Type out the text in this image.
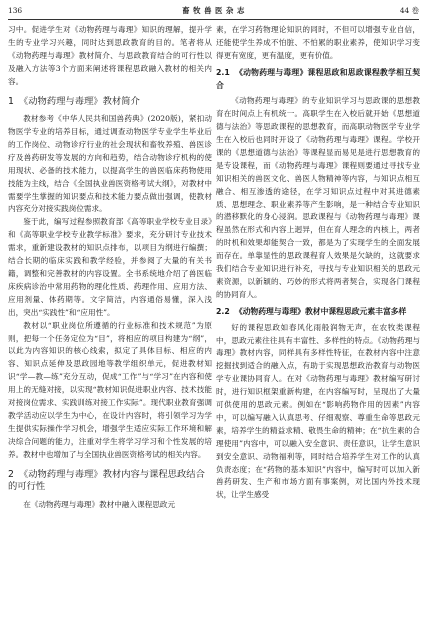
136	畜 牧 兽 医 杂 志	44 卷

习中。促进学生对《动物药理与毒理》知识的理解，提升学生的专业学习兴趣，同时达到思政教育的目的。笔者将从《动物药理与毒理》教材简介、与思政教育结合的可行性以及融入方法等3个方面来阐述将课程思政融入教材的相关内容。

1 《动物药理与毒理》教材简介

教材参考《中华人民共和国兽药典》(2020版)，紧扣动物医学专业的培养目标，通过调查动物医学专业学生毕业后的工作岗位、动物诊疗行业的社会现状和畜牧养殖、兽医诊疗及兽药研发等发展的方向和趋势，结合动物诊疗机构的使用现状、必备的技术能力，以提高学生的兽医临床药物使用技能为主线，结合《全国执业兽医资格考试大纲》，对教材中需要学生掌握的知识要点和技术能力要点做出强调，使教材内容充分对接实践岗位需求。

鉴于此，编写过程参照教育部《高等职业学校专业目录》和《高等职业学校专业教学标准》要求，充分研讨专业技术需求，重新建设教材的知识点排布，以项目为纲进行编撰；结合长期的临床实践和教学经验，并参阅了大量的有关书籍，调整和完善教材的内容设置。全书系统地介绍了兽医临床疾病诊治中常用药物的理化性质、药理作用、应用方法、应用剂量、体药期等。文字简洁，内容通俗易懂，深入浅出，突出“实践性”和“应用性”。

教材以“职业岗位所遵循的行业标准和技术规范”为原则，把每一个任务定位为“目”，将相应的项目构建为“纲”，以此为内容知识的核心线索，拟定了具体目标、相应的内容、知识点延伸及思政园地等教学组织单元，促进教材知识“学—教—练”充分互动，促成“工作”与“学习”在内容和使用上的无缝对接，以实现“教材知识促进职业内容、技术技能对接岗位需求、实践训练对接工作实际”。现代职业教育强调教学活动应以学生为中心，在设计内容时，将引领学习为学生提供实际操作学习机会，增强学生适应实际工作环境和解决综合问题的能力，注重对学生将学习学习和个性发展的培养。教材中也增加了与全国执业兽医资格考试的相关内容。

2 《动物药理与毒理》教材内容与课程思政结合的可行性

在《动物药理与毒理》教材中融入课程思政元

素，在学习药物理论知识的同时，不但可以增强专业自信，还能使学生养成不怕脏、不怕累的职业素养，使知识学习变得更有宽度，更有温度，更有价值。

2.1 《动物药理与毒理》课程思政和思政课程教学相互契合

《动物药理与毒理》的专业知识学习与思政课的思想教育在时间点上有机统一。高职学生在入校后就开始《思想道德与法治》等思政课程的思想教育，而高职动物医学专业学生在入校后也同时开设了《动物药理与毒理》课程。学校开课的《思想道德与法治》等课程显而易见是进行思想教育的是专设课程，而《动物药理与毒理》课程则要通过寻找专业知识相关的兽医文化、兽医人物精神等内容，与知识点相互融合、相互渗透的途径，在学习知识点过程中对其进德素质、思想理念、职业素养等产生影响，是一种结合专业知识的潜移默化的身心浸润。思政课程与《动物药理与毒理》课程虽然在形式和内容上迥异，但在育人理念的内核上，两者的时机和效果却能契合一致，都是为了实现学生的全面发展而存在。单靠显性的思政课程育人效果是欠缺的，这就要求我们结合专业知识进行补充，寻找与专业知识相关的思政元素资源，以新颖的、巧妙的形式将两者契合，实现各门课程的协同育人。

2.2 《动物药理与毒理》教材中课程思政元素丰富多样

好的课程思政如春风化雨般润物无声，在农牧类课程中，思政元素往往具有丰富性、多样性的特点。《动物药理与毒理》教材内容，同样具有多样性特征，在教材内容中注意挖掘找到适合的融入点，有助于实现思想政治教育与动物医学专业课协同育人。在对《动物药理与毒理》教材编写研讨时，进行知识框架重新构建，在内容编写时，呈现出了大量可供使用的思政元素。例如在“影响药物作用的因素”内容中，可以编写融入认真思考、仔细观察、尊重生命等思政元素，培养学生的精益求精、敬畏生命的精神；在“抗生素的合理使用”内容中，可以融入安全意识、责任意识，让学生意识到安全意识、动物福利等，同时结合培养学生对工作的认真负责态度；在“药物的基本知识”内容中，编写时可以加入新兽药研发、生产和市场方面有事案例，对比国内外技术现状，让学生感受
